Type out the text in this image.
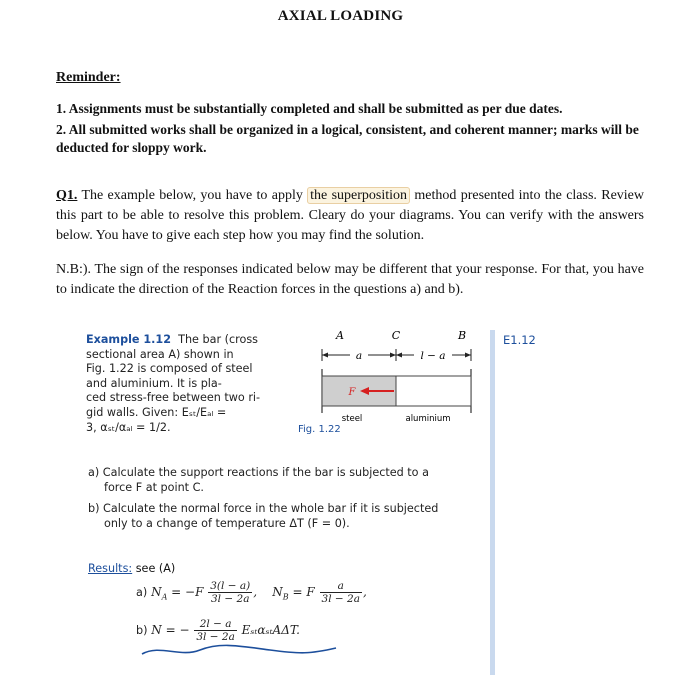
AXIAL LOADING
Reminder:
1. Assignments must be substantially completed and shall be submitted as per due dates.
2. All submitted works shall be organized in a logical, consistent, and coherent manner; marks will be deducted for sloppy work.
Q1. The example below, you have to apply the superposition method presented into the class. Review this part to be able to resolve this problem. Cleary do your diagrams. You can verify with the answers below. You have to give each step how you may find the solution.
N.B:). The sign of the responses indicated below may be different that your response. For that, you have to indicate the direction of the Reaction forces in the questions a) and b).
Example 1.12 The bar (cross
sectional area A) shown in
Fig. 1.22 is composed of steel
and aluminium. It is pla-
ced stress-free between two ri-
gid walls. Given: Eₛₜ/Eₐₗ =
3, αₛₜ/αₐₗ = 1/2.	Fig. 1.22
A	C	B
a	l − a
F
steel	aluminium
E1.12
a) Calculate the support reactions if the bar is subjected to a
force F at point C.
b) Calculate the normal force in the whole bar if it is subjected
only to a change of temperature ΔT (F = 0).
Results: see (A)
a) $N_A = -F \frac{3(l - a)}{3l - 2a}$ ,    $N_B = F \frac{a}{3l - 2a}$ ,
b) N = − $\frac{2l - a}{3l - 2a} E_{st}\alpha_{st}A\Delta T$.
